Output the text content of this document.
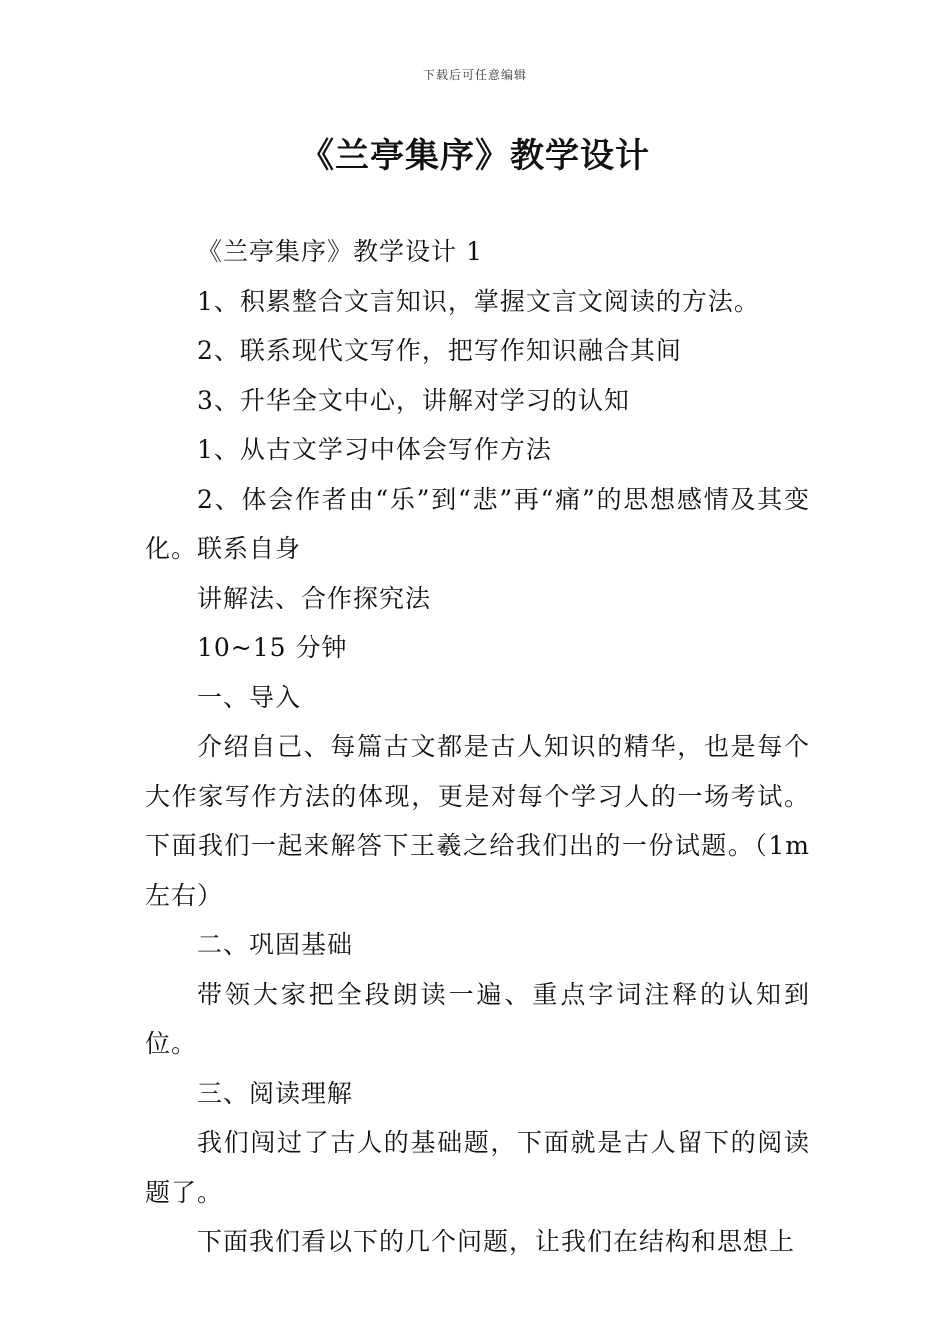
下载后可任意编辑
《兰亭集序》教学设计

《兰亭集序》教学设计 1

1、积累整合文言知识，掌握文言文阅读的方法。

2、联系现代文写作，把写作知识融合其间

3、升华全文中心，讲解对学习的认知

1、从古文学习中体会写作方法

2、体会作者由“乐”到“悲”再“痛”的思想感情及其变化。联系自身

讲解法、合作探究法

10~15 分钟

一、导入

介绍自己、每篇古文都是古人知识的精华，也是每个大作家写作方法的体现，更是对每个学习人的一场考试。下面我们一起来解答下王羲之给我们出的一份试题。（1m 左右）

二、巩固基础

带领大家把全段朗读一遍、重点字词注释的认知到位。

三、阅读理解

我们闯过了古人的基础题，下面就是古人留下的阅读题了。

下面我们看以下的几个问题，让我们在结构和思想上
